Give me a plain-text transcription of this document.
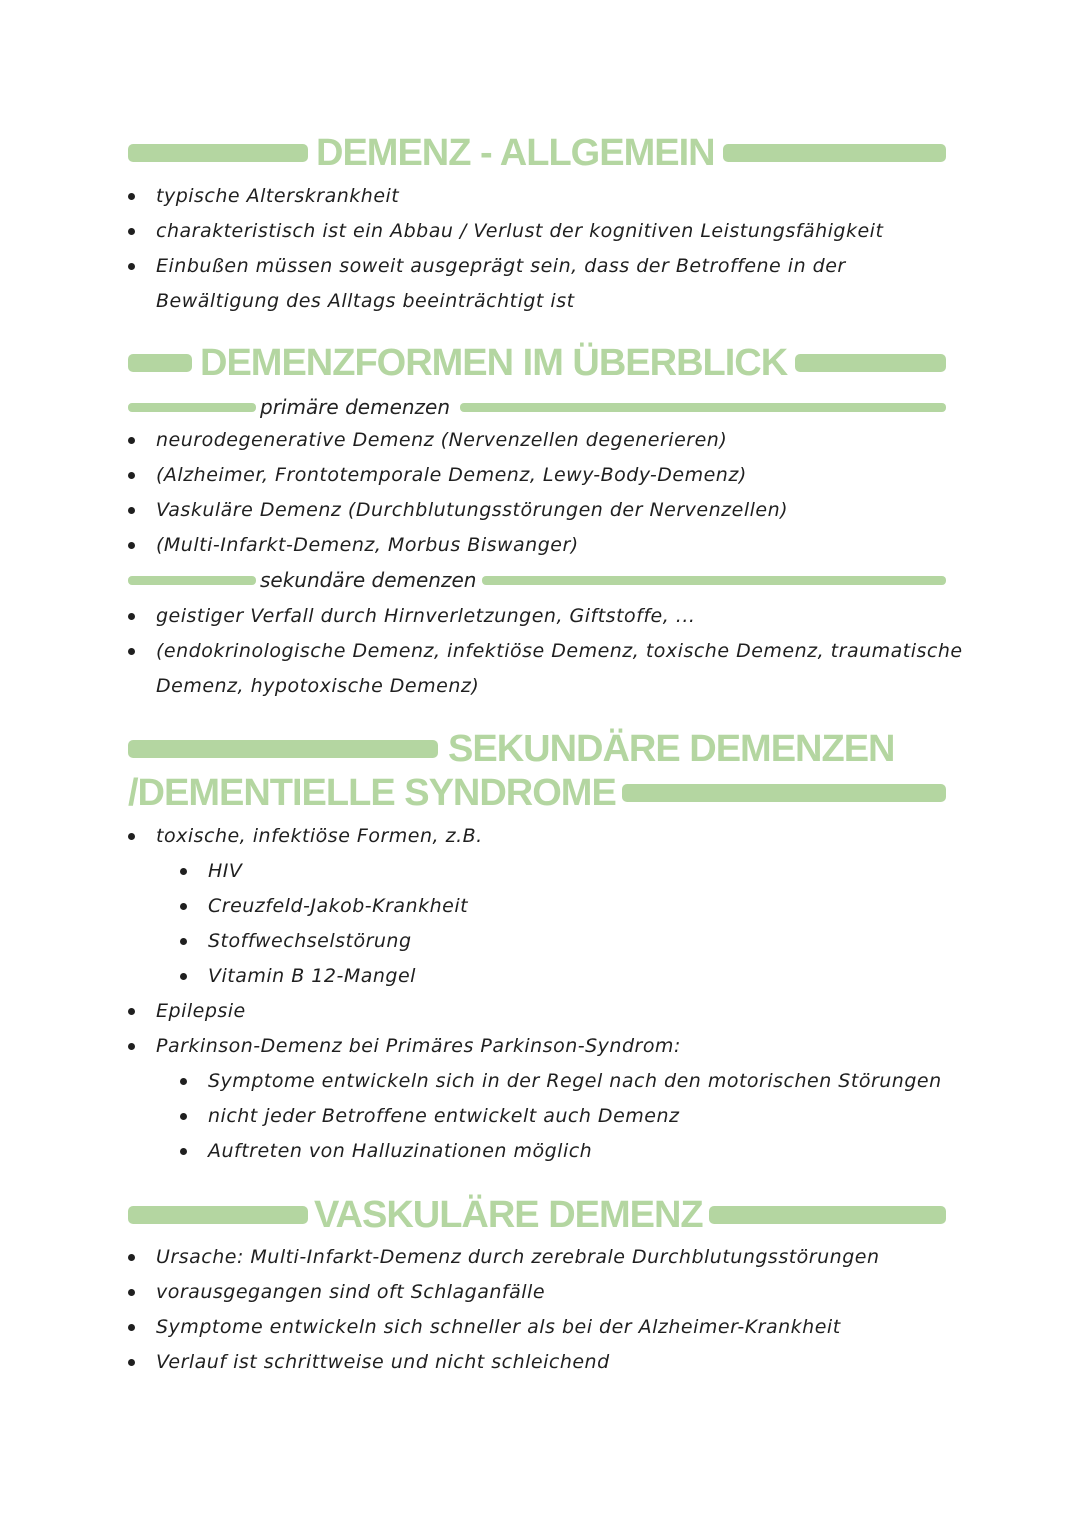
DEMENZ - ALLGEMEIN
typische Alterskrankheit
charakteristisch ist ein Abbau / Verlust der kognitiven Leistungsfähigkeit
Einbußen müssen soweit ausgeprägt sein, dass der Betroffene in der
Bewältigung des Alltags beeinträchtigt ist
DEMENZFORMEN IM ÜBERBLICK
primäre demenzen
neurodegenerative Demenz (Nervenzellen degenerieren)
(Alzheimer, Frontotemporale Demenz, Lewy-Body-Demenz)
Vaskuläre Demenz (Durchblutungsstörungen der Nervenzellen)
(Multi-Infarkt-Demenz, Morbus Biswanger)
sekundäre demenzen
geistiger Verfall durch Hirnverletzungen, Giftstoffe, ...
(endokrinologische Demenz, infektiöse Demenz, toxische Demenz, traumatische
Demenz, hypotoxische Demenz)
SEKUNDÄRE DEMENZEN
/DEMENTIELLE SYNDROME
toxische, infektiöse Formen, z.B.
HIV
Creuzfeld-Jakob-Krankheit
Stoffwechselstörung
Vitamin B 12-Mangel
Epilepsie
Parkinson-Demenz bei Primäres Parkinson-Syndrom:
Symptome entwickeln sich in der Regel nach den motorischen Störungen
nicht jeder Betroffene entwickelt auch Demenz
Auftreten von Halluzinationen möglich
VASKULÄRE DEMENZ
Ursache: Multi-Infarkt-Demenz durch zerebrale Durchblutungsstörungen
vorausgegangen sind oft Schlaganfälle
Symptome entwickeln sich schneller als bei der Alzheimer-Krankheit
Verlauf ist schrittweise und nicht schleichend
